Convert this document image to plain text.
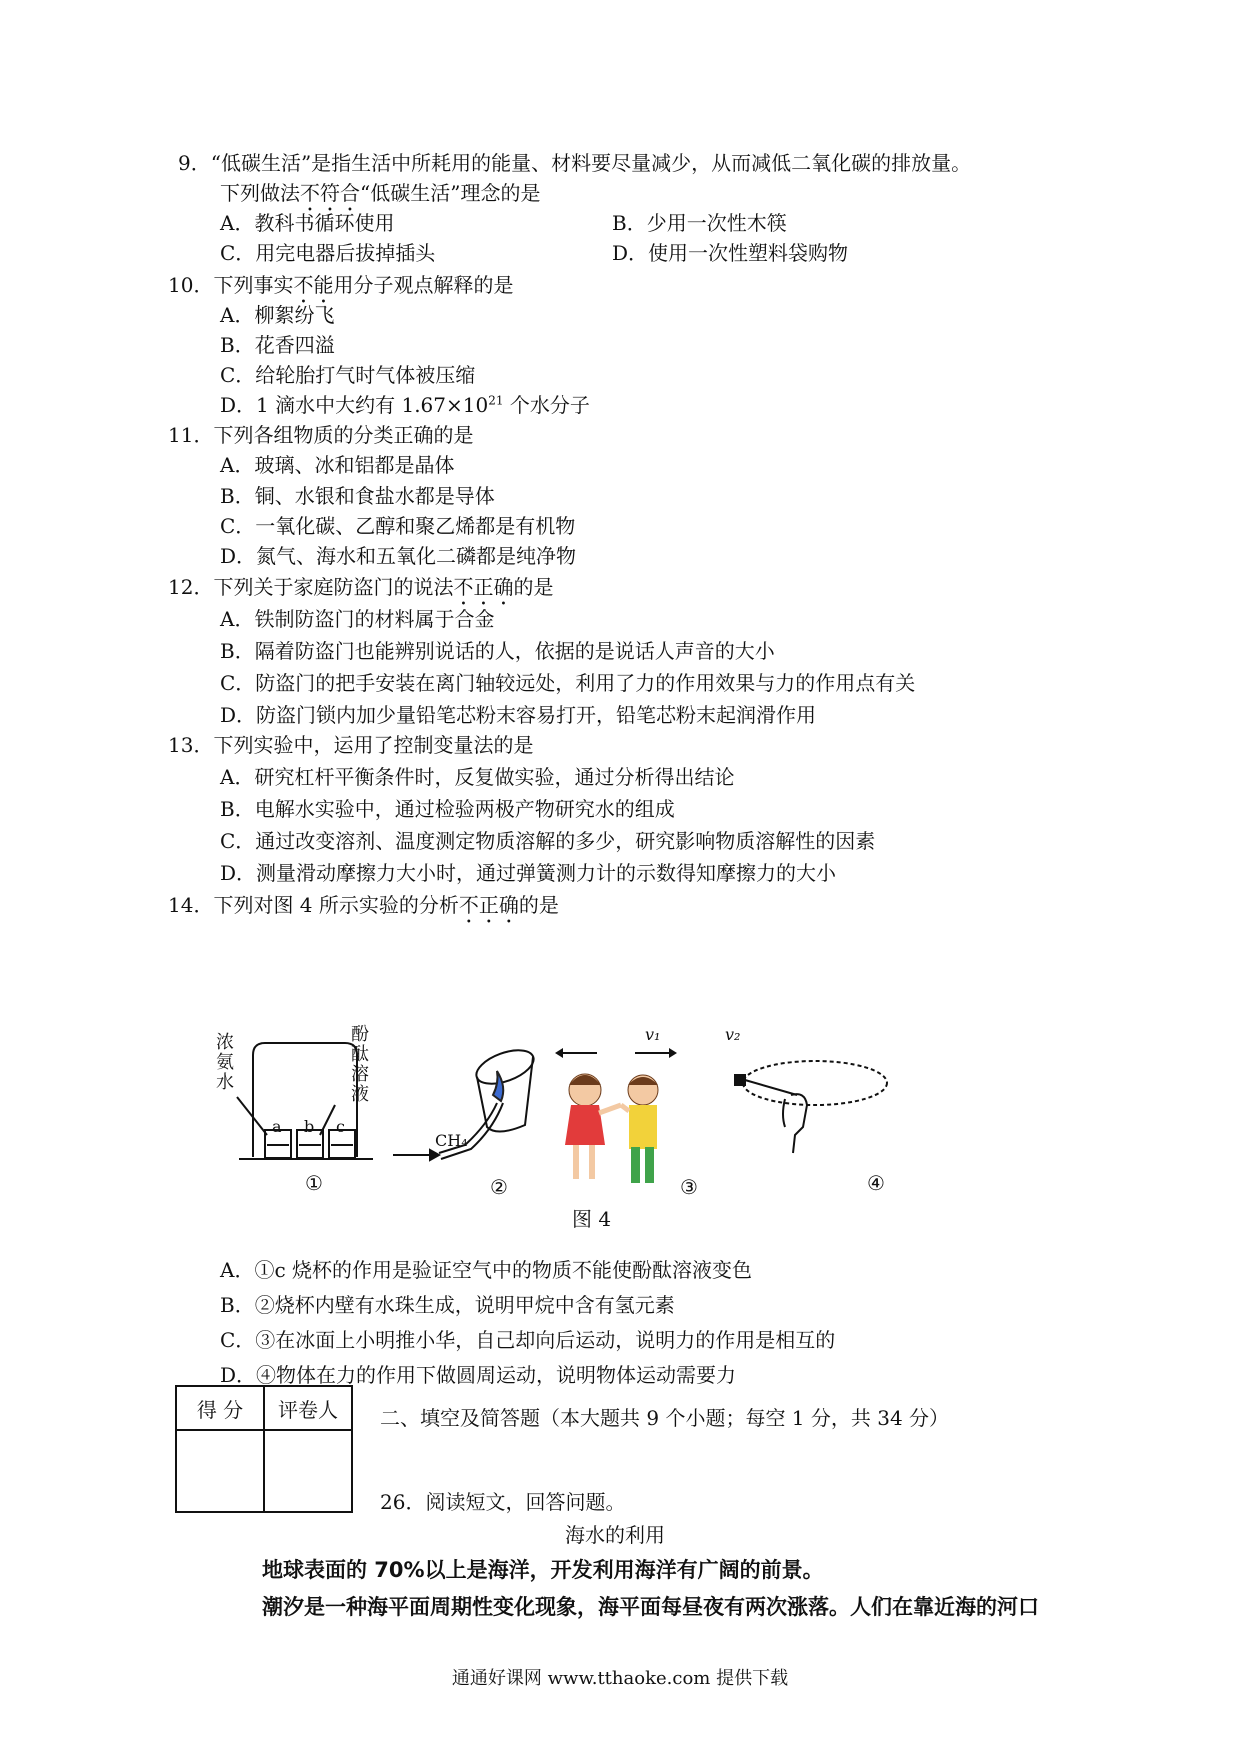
9．“低碳生活”是指生活中所耗用的能量、材料要尽量减少，从而减低二氧化碳的排放量。
下列做法不符合“低碳生活”理念的是
A．教科书循环使用	B．少用一次性木筷
C．用完电器后拔掉插头	D．使用一次性塑料袋购物
10．下列事实不能用分子观点解释的是
A．柳絮纷飞
B．花香四溢
C．给轮胎打气时气体被压缩
D．1 滴水中大约有 $1.67\times 10^{21}$ 个水分子
11．下列各组物质的分类正确的是
A．玻璃、冰和铝都是晶体
B．铜、水银和食盐水都是导体
C．一氧化碳、乙醇和聚乙烯都是有机物
D．氮气、海水和五氧化二磷都是纯净物
12．下列关于家庭防盗门的说法不正确的是
A．铁制防盗门的材料属于合金
B．隔着防盗门也能辨别说话的人，依据的是说话人声音的大小
C．防盗门的把手安装在离门轴较远处，利用了力的作用效果与力的作用点有关
D．防盗门锁内加少量铅笔芯粉末容易打开，铅笔芯粉末起润滑作用
13．下列实验中，运用了控制变量法的是
A．研究杠杆平衡条件时，反复做实验，通过分析得出结论
B．电解水实验中，通过检验两极产物研究水的组成
C．通过改变溶剂、温度测定物质溶解的多少，研究影响物质溶解性的因素
D．测量滑动摩擦力大小时，通过弹簧测力计的示数得知摩擦力的大小
14．下列对图 4 所示实验的分析不正确的是
浓
氨
水
酚
酞
溶
液
a b c
CH₄
v₁	v₂
①	②	③	④
图 4
A．①c 烧杯的作用是验证空气中的物质不能使酚酞溶液变色
B．②烧杯内壁有水珠生成，说明甲烷中含有氢元素
C．③在冰面上小明推小华，自己却向后运动，说明力的作用是相互的
D．④物体在力的作用下做圆周运动，说明物体运动需要力
得 分	评卷人
	二、填空及简答题（本大题共 9 个小题；每空 1 分，共 34 分）
26．阅读短文，回答问题。
海水的利用
地球表面的 70%以上是海洋，开发利用海洋有广阔的前景。
潮汐是一种海平面周期性变化现象，海平面每昼夜有两次涨落。人们在靠近海的河口
通通好课网 www.tthaoke.com 提供下载
